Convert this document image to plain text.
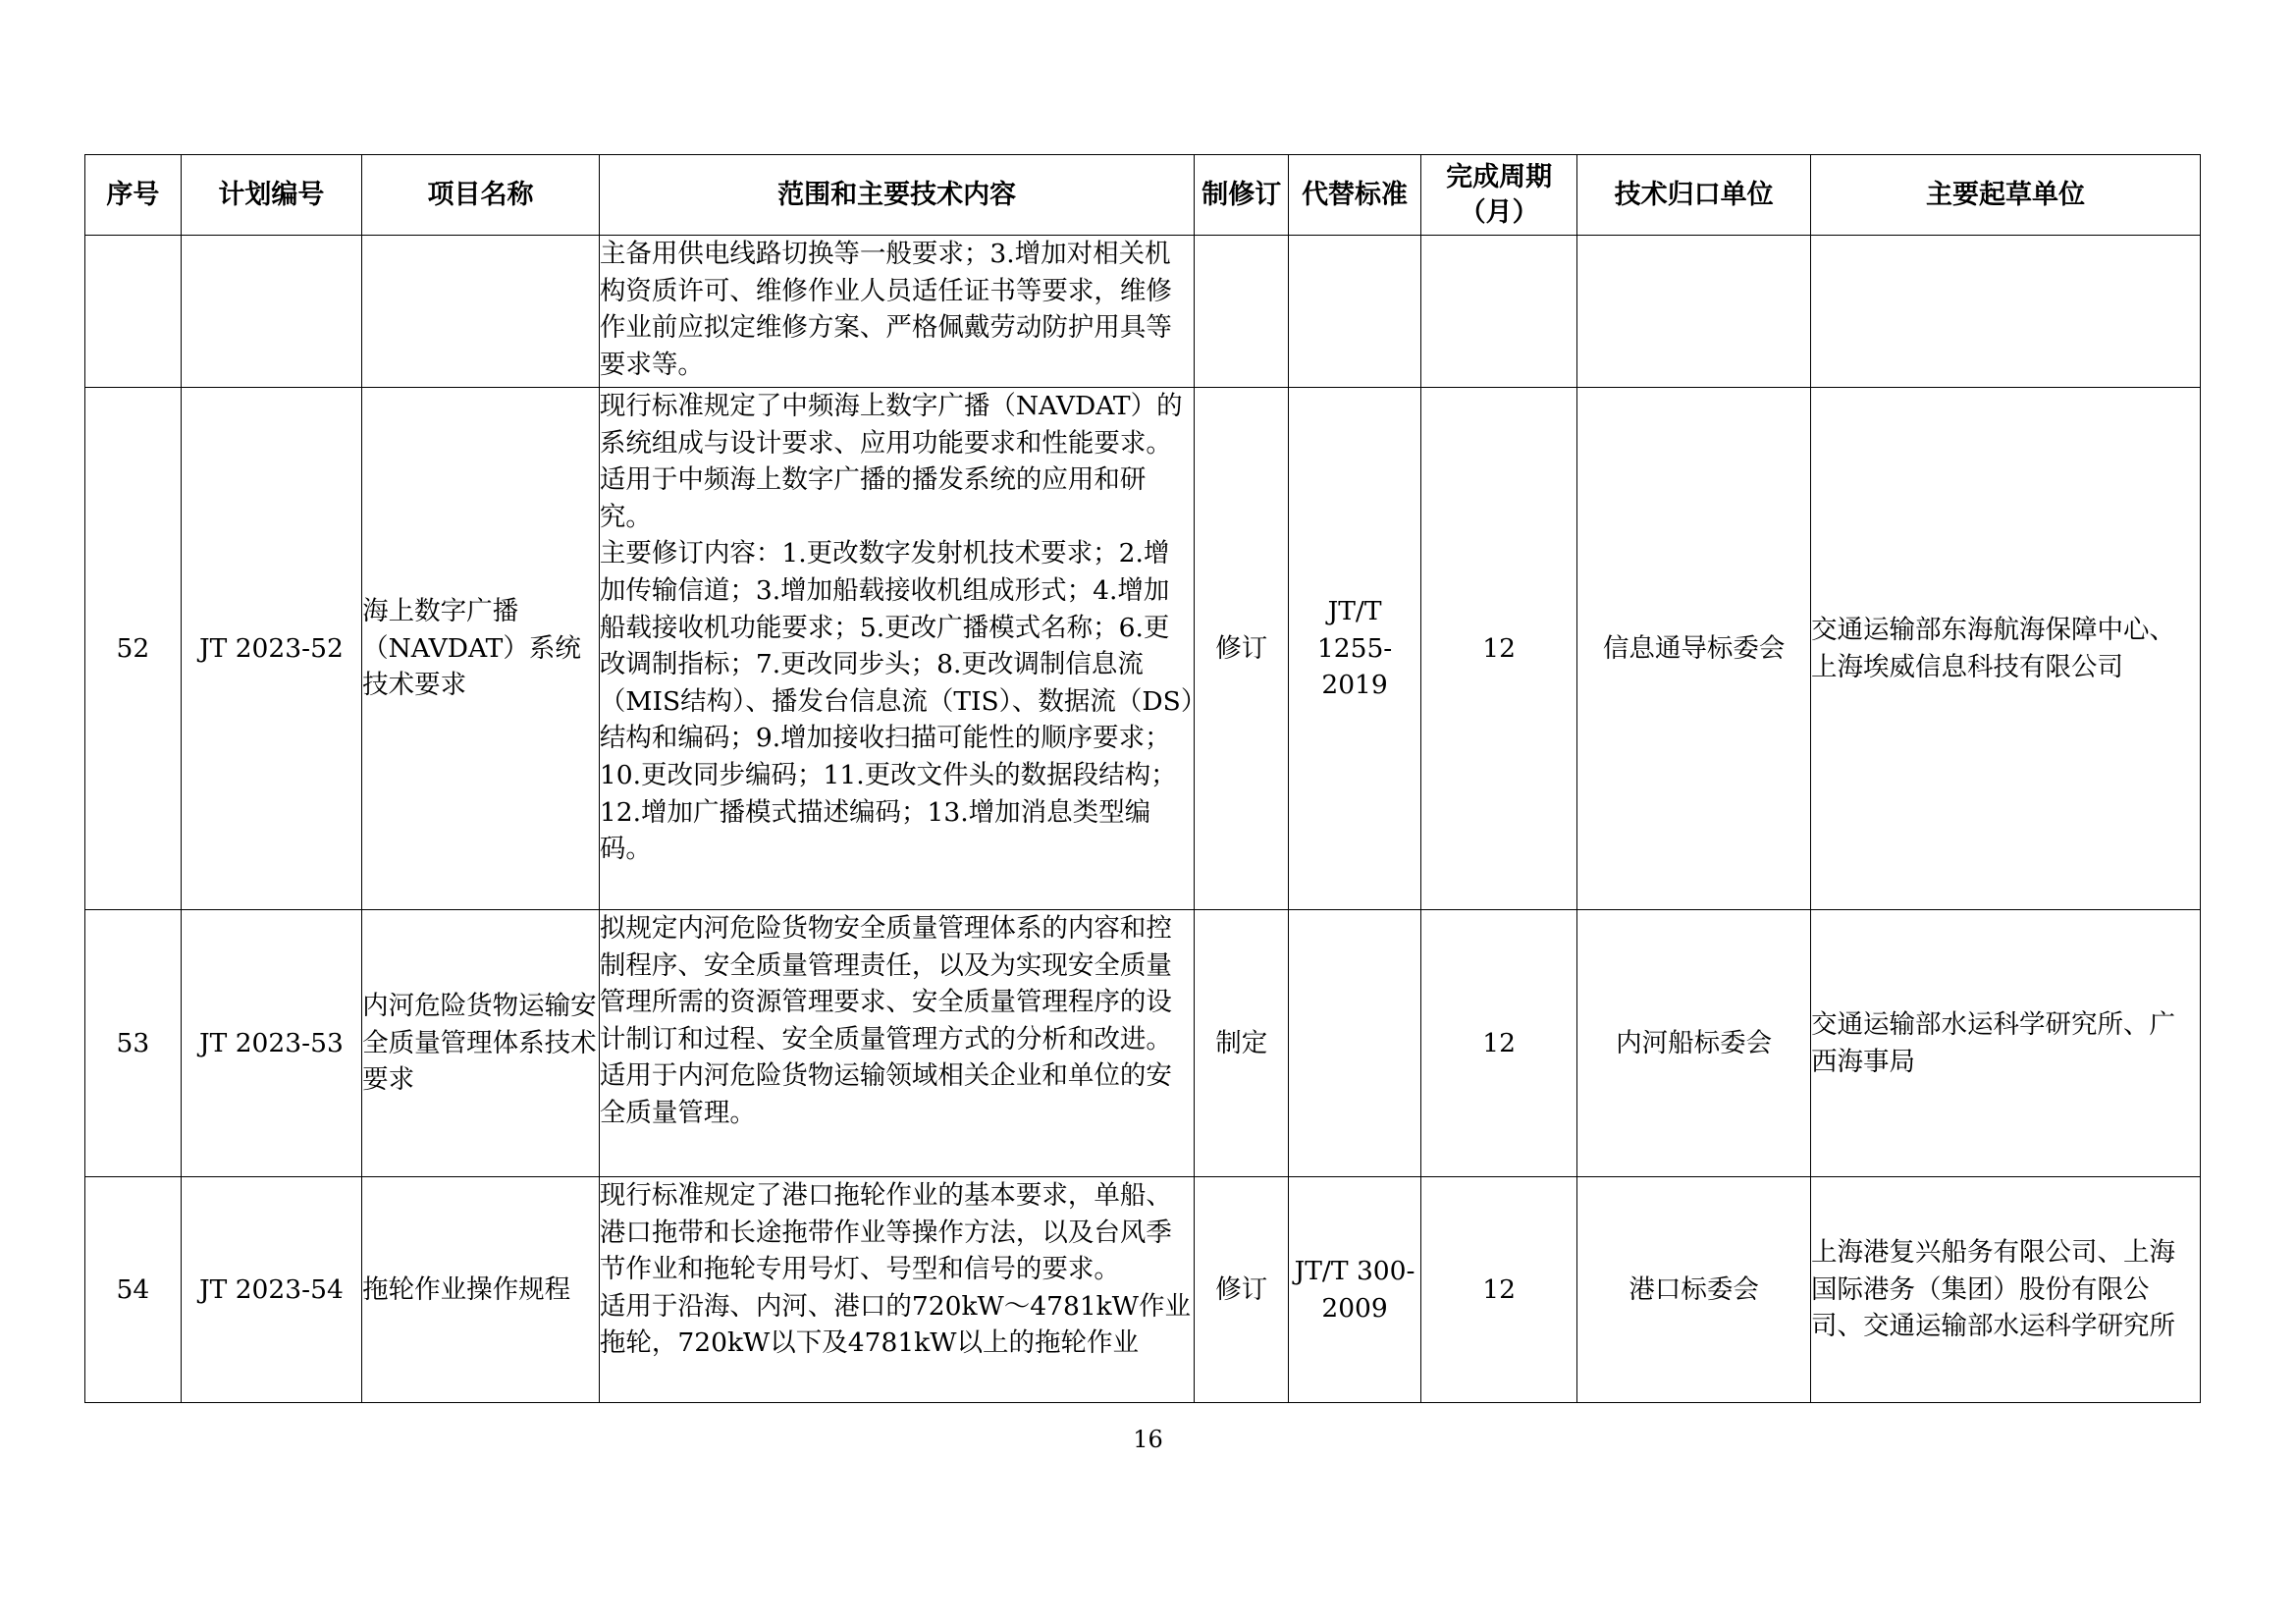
序号	计划编号	项目名称	范围和主要技术内容	制修订	代替标准	完成周期（月）	技术归口单位	主要起草单位
			主备用供电线路切换等一般要求；3.增加对相关机构资质许可、维修作业人员适任证书等要求，维修作业前应拟定维修方案、严格佩戴劳动防护用具等要求等。					
52	JT 2023-52	海上数字广播（NAVDAT）系统技术要求	现行标准规定了中频海上数字广播（NAVDAT）的系统组成与设计要求、应用功能要求和性能要求。
适用于中频海上数字广播的播发系统的应用和研究。
主要修订内容：1.更改数字发射机技术要求；2.增加传输信道；3.增加船载接收机组成形式；4.增加船载接收机功能要求；5.更改广播模式名称；6.更改调制指标；7.更改同步头；8.更改调制信息流（MIS结构）、播发台信息流（TIS）、数据流（DS）结构和编码；9.增加接收扫描可能性的顺序要求；10.更改同步编码；11.更改文件头的数据段结构；12.增加广播模式描述编码；13.增加消息类型编码。	修订	JT/T 1255-2019	12	信息通导标委会	交通运输部东海航海保障中心、上海埃威信息科技有限公司
53	JT 2023-53	内河危险货物运输安全质量管理体系技术要求	拟规定内河危险货物安全质量管理体系的内容和控制程序、安全质量管理责任，以及为实现安全质量管理所需的资源管理要求、安全质量管理程序的设计制订和过程、安全质量管理方式的分析和改进。
适用于内河危险货物运输领域相关企业和单位的安全质量管理。	制定		12	内河船标委会	交通运输部水运科学研究所、广西海事局
54	JT 2023-54	拖轮作业操作规程	现行标准规定了港口拖轮作业的基本要求，单船、港口拖带和长途拖带作业等操作方法，以及台风季节作业和拖轮专用号灯、号型和信号的要求。
适用于沿海、内河、港口的720kW～4781kW作业拖轮，720kW以下及4781kW以上的拖轮作业	修订	JT/T 300-2009	12	港口标委会	上海港复兴船务有限公司、上海国际港务（集团）股份有限公司、交通运输部水运科学研究所
16
